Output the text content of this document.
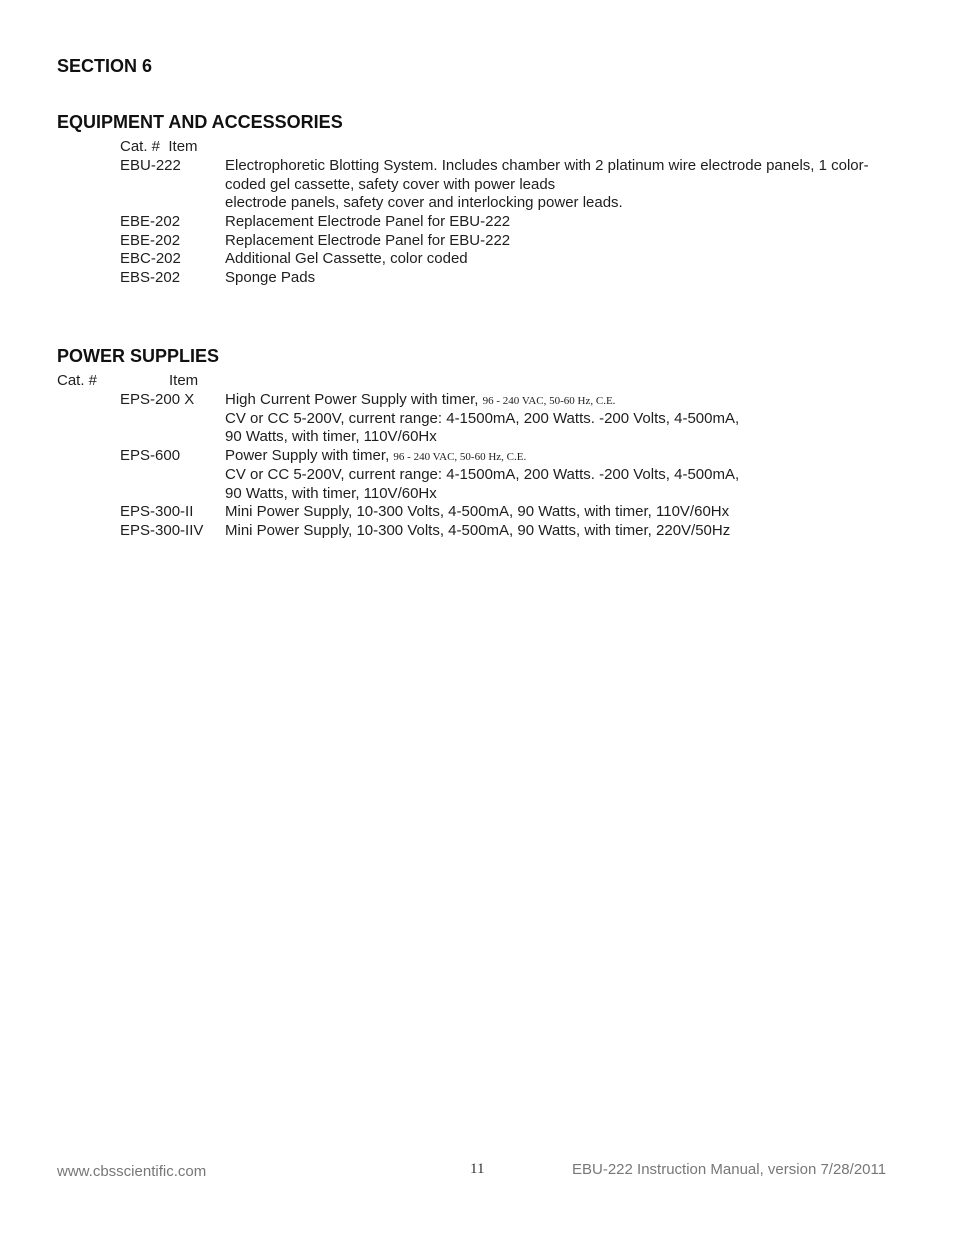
SECTION 6
EQUIPMENT AND ACCESSORIES
Cat. # Item
EBU-222	Electrophoretic Blotting System. Includes chamber with 2 platinum wire electrode panels, 1 color-
coded gel cassette, safety cover with power leads
electrode panels, safety cover and interlocking power leads.
EBE-202	Replacement Electrode Panel for EBU-222
EBE-202	Replacement Electrode Panel for EBU-222
EBC-202	Additional Gel Cassette, color coded
EBS-202	Sponge Pads
POWER SUPPLIES
Cat. #	Item
EPS-200 X High Current Power Supply with timer, 96 - 240 VAC, 50-60 Hz, C.E.
CV or CC 5-200V, current range: 4-1500mA, 200 Watts. -200 Volts, 4-500mA,
90 Watts, with timer, 110V/60Hx
EPS-600	Power Supply with timer, 96 - 240 VAC, 50-60 Hz, C.E.
CV or CC 5-200V, current range: 4-1500mA, 200 Watts. -200 Volts, 4-500mA,
90 Watts, with timer, 110V/60Hx
EPS-300-II Mini Power Supply, 10-300 Volts, 4-500mA, 90 Watts, with timer, 110V/60Hx
EPS-300-IIV Mini Power Supply, 10-300 Volts, 4-500mA, 90 Watts, with timer, 220V/50Hz
www.cbsscientific.com	11	EBU-222 Instruction Manual, version 7/28/2011
